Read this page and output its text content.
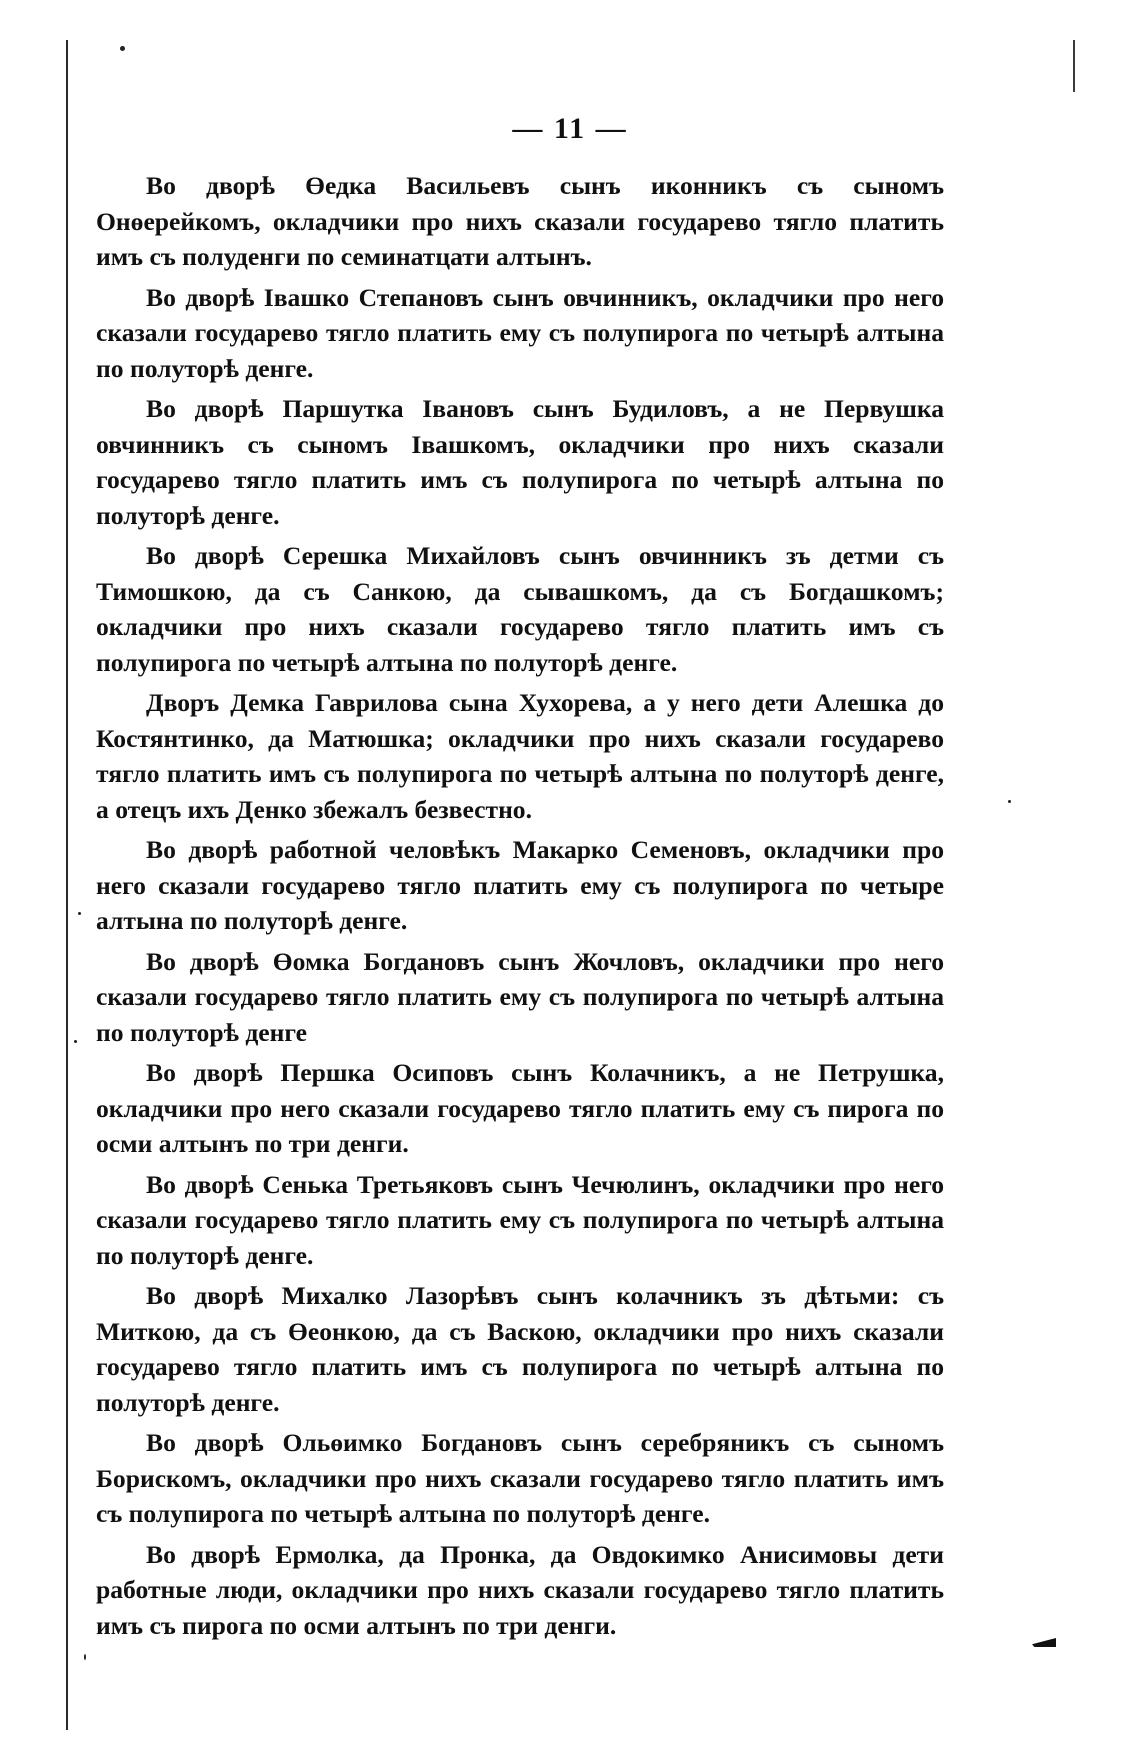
— 11 —

Во дворѣ Өедка Васильевъ сынъ иконникъ съ сыномъ Онөерейкомъ, окладчики про нихъ сказали государево тягло платить имъ съ полуденги по семинатцати алтынъ.

Во дворѣ Івашко Степановъ сынъ овчинникъ, окладчики про него сказали государево тягло платить ему съ полупирога по четырѣ алтына по полуторѣ денге.

Во дворѣ Паршутка Івановъ сынъ Будиловъ, а не Первушка овчинникъ съ сыномъ Івашкомъ, окладчики про нихъ сказали государево тягло платить имъ съ полупирога по четырѣ алтына по полуторѣ денге.

Во дворѣ Серешка Михайловъ сынъ овчинникъ зъ детми съ Тимошкою, да съ Санкою, да сывашкомъ, да съ Богдашкомъ; окладчики про нихъ сказали государево тягло платить имъ съ полупирога по четырѣ алтына по полуторѣ денге.

Дворъ Демка Гаврилова сына Хухорева, а у него дети Алешка до Костянтинко, да Матюшка; окладчики про нихъ сказали государево тягло платить имъ съ полупирога по четырѣ алтына по полуторѣ денге, а отецъ ихъ Денко збежалъ безвестно.

Во дворѣ работной человѣкъ Макарко Семеновъ, окладчики про него сказали государево тягло платить ему съ полупирога по четыре алтына по полуторѣ денге.

Во дворѣ Өомка Богдановъ сынъ Жочловъ, окладчики про него сказали государево тягло платить ему съ полупирога по четырѣ алтына по полуторѣ денге

Во дворѣ Першка Осиповъ сынъ Колачникъ, а не Петрушка, окладчики про него сказали государево тягло платить ему съ пирога по осми алтынъ по три денги.

Во дворѣ Сенька Третьяковъ сынъ Чечюлинъ, окладчики про него сказали государево тягло платить ему съ полупирога по четырѣ алтына по полуторѣ денге.

Во дворѣ Михалко Лазорѣвъ сынъ колачникъ зъ дѣтьми: съ Миткою, да съ Өеонкою, да съ Васкою, окладчики про нихъ сказали государево тягло платить имъ съ полупирога по четырѣ алтына по полуторѣ денге.

Во дворѣ Ольөимко Богдановъ сынъ серебряникъ съ сыномъ Борискомъ, окладчики про нихъ сказали государево тягло платить имъ съ полупирога по четырѣ алтына по полуторѣ денге.

Во дворѣ Ермолка, да Пронка, да Овдокимко Анисимовы дети работные люди, окладчики про нихъ сказали государево тягло платить имъ съ пирога по осми алтынъ по три денги.
